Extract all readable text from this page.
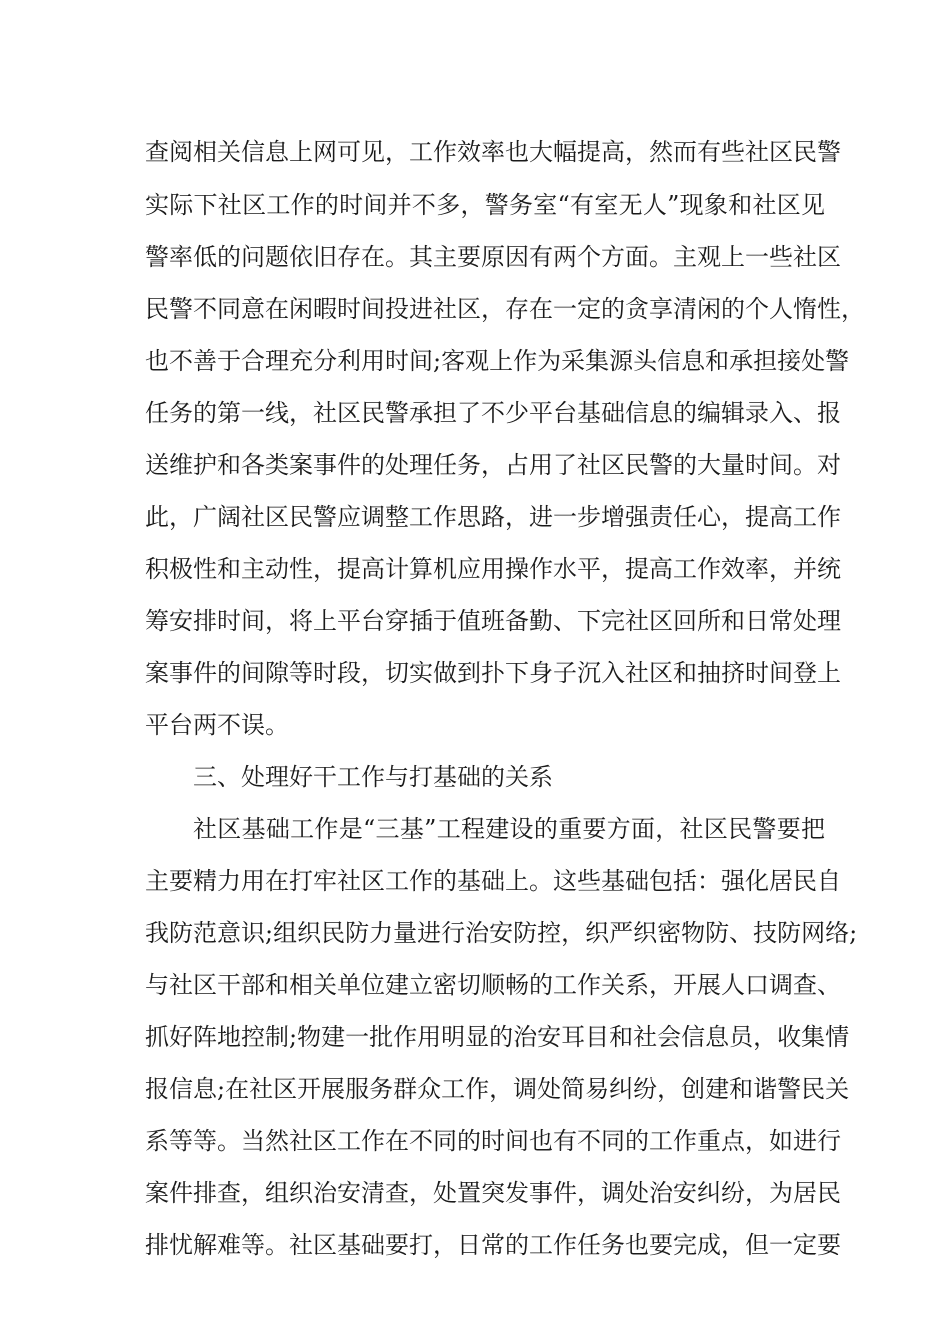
查阅相关信息上网可见，工作效率也大幅提高，然而有些社区民警

实际下社区工作的时间并不多，警务室“有室无人”现象和社区见

警率低的问题依旧存在。其主要原因有两个方面。主观上一些社区

民警不同意在闲暇时间投进社区，存在一定的贪享清闲的个人惰性，

也不善于合理充分利用时间;客观上作为采集源头信息和承担接处警

任务的第一线，社区民警承担了不少平台基础信息的编辑录入、报

送维护和各类案事件的处理任务，占用了社区民警的大量时间。对

此，广阔社区民警应调整工作思路，进一步增强责任心，提高工作

积极性和主动性，提高计算机应用操作水平，提高工作效率，并统

筹安排时间，将上平台穿插于值班备勤、下完社区回所和日常处理

案事件的间隙等时段，切实做到扑下身子沉入社区和抽挤时间登上

平台两不误。

三、处理好干工作与打基础的关系

社区基础工作是“三基”工程建设的重要方面，社区民警要把

主要精力用在打牢社区工作的基础上。这些基础包括：强化居民自

我防范意识;组织民防力量进行治安防控，织严织密物防、技防网络;

与社区干部和相关单位建立密切顺畅的工作关系，开展人口调查、

抓好阵地控制;物建一批作用明显的治安耳目和社会信息员，收集情

报信息;在社区开展服务群众工作，调处简易纠纷，创建和谐警民关

系等等。当然社区工作在不同的时间也有不同的工作重点，如进行

案件排查，组织治安清查，处置突发事件，调处治安纠纷，为居民

排忧解难等。社区基础要打，日常的工作任务也要完成，但一定要
